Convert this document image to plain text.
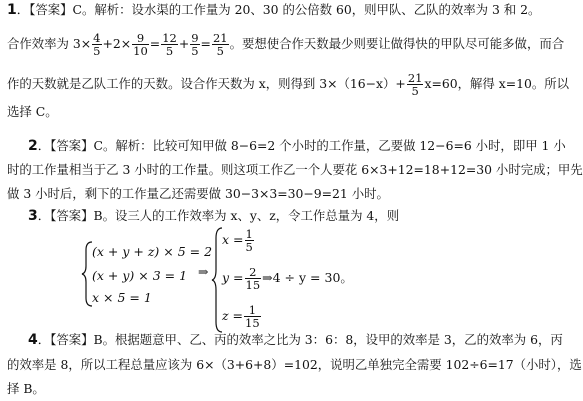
1．【答案】C。解析：设水渠的工作量为 20、30 的公倍数 60，则甲队、乙队的效率为 3 和 2。
合作效率为 $3\times \frac{4}{5} +2\times \frac{9}{10} = \frac{12}{5} + \frac{9}{5} = \frac{21}{5}$ 。要想使合作天数最少则要让做得快的甲队尽可能多做，而合
作的天数就是乙队工作的天数。设合作天数为 x，则得到 $3\times(16-x)+ \frac{21}{5} x=60$，解得 x=10。所以
选择 C。
2．【答案】C。解析：比较可知甲做 8−6=2 个小时的工作量，乙要做 12−6=6 小时，即甲 1 小
时的工作量相当于乙 3 小时的工作量。则这项工作乙一个人要花 6×3+12=18+12=30 小时完成；甲先
做 3 小时后，剩下的工作量乙还需要做 30−3×3=30−9=21 小时。
3．【答案】B。设三人的工作效率为 x、y、z，令工作总量为 4，则
(x + y + z) × 5 = 2
(x + y) × 3 = 1
x × 5 = 1
⇒
$x = \frac{1}{5}$
$y = \frac{2}{15}$ ⇒4 ÷ y = 30。
$z = \frac{1}{15}$
4．【答案】B。根据题意甲、乙、丙的效率之比为 3：6：8，设甲的效率是 3，乙的效率为 6，丙
的效率是 8，所以工程总量应该为 6×（3+6+8）=102，说明乙单独完全需要 102÷6=17（小时），选
择 B。
